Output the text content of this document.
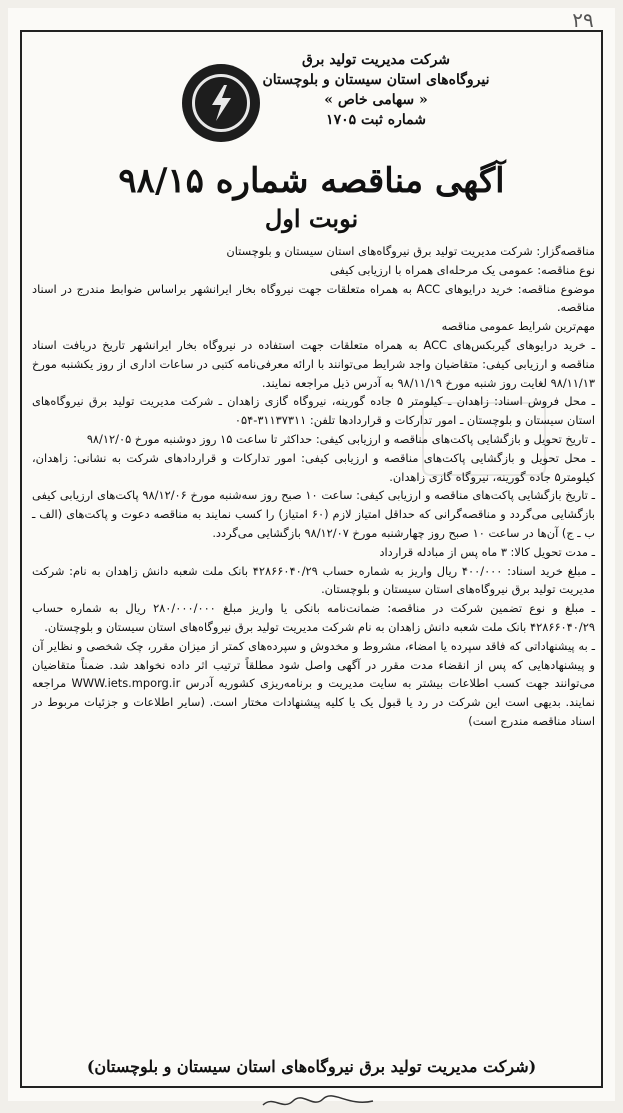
۲۹
شرکت مدیریت تولید برق
نیروگاه‌های استان سیستان و بلوچستان
« سهامی خاص »
شماره ثبت ۱۷۰۵
آگهی مناقصه شماره ۹۸/۱۵
نوبت اول

مناقصه‌گزار: شرکت مدیریت تولید برق نیروگاه‌های استان سیستان و بلوچستان

نوع مناقصه: عمومی یک مرحله‌ای همراه با ارزیابی کیفی

موضوع مناقصه: خرید درایوهای ACC به همراه متعلقات جهت نیروگاه بخار ایرانشهر براساس ضوابط مندرج در اسناد مناقصه.

مهم‌ترین شرایط عمومی مناقصه

ـ خرید درایوهای گیربکس‌های ACC به همراه متعلقات جهت استفاده در نیروگاه بخار ایرانشهر تاریخ دریافت اسناد مناقصه و ارزیابی کیفی: متقاضیان واجد شرایط می‌توانند با ارائه معرفی‌نامه کتبی در ساعات اداری از روز یکشنبه مورخ ۹۸/۱۱/۱۳ لغایت روز شنبه مورخ ۹۸/۱۱/۱۹ به آدرس ذیل مراجعه نمایند.

ـ محل فروش اسناد: زاهدان ـ کیلومتر ۵ جاده گورینه، نیروگاه گازی زاهدان ـ شرکت مدیریت تولید برق نیروگاه‌های استان سیستان و بلوچستان ـ امور تدارکات و قراردادها تلفن: ۳۱۱۳۷۳۱۱-۰۵۴

ـ تاریخ تحویل و بازگشایی پاکت‌های مناقصه و ارزیابی کیفی: حداکثر تا ساعت ۱۵ روز دوشنبه مورخ ۹۸/۱۲/۰۵

ـ محل تحویل و بازگشایی پاکت‌های مناقصه و ارزیابی کیفی: امور تدارکات و قراردادهای شرکت به نشانی: زاهدان، کیلومتر۵ جاده گورینه، نیروگاه گازی زاهدان.

ـ تاریخ بازگشایی پاکت‌های مناقصه و ارزیابی کیفی: ساعت ۱۰ صبح روز سه‌شنبه مورخ ۹۸/۱۲/۰۶ پاکت‌های ارزیابی کیفی بازگشایی می‌گردد و مناقصه‌گرانی که حداقل امتیاز لازم (۶۰ امتیاز) را کسب نمایند به مناقصه دعوت و پاکت‌های (الف ـ ب ـ ج) آن‌ها در ساعت ۱۰ صبح روز چهارشنبه مورخ ۹۸/۱۲/۰۷ بازگشایی می‌گردد.

ـ مدت تحویل کالا: ۳ ماه پس از مبادله قرارداد

ـ مبلغ خرید اسناد: ۴۰۰/۰۰۰ ریال واریز به شماره حساب ۴۲۸۶۶۰۴۰/۲۹ بانک ملت شعبه دانش زاهدان به نام: شرکت مدیریت تولید برق نیروگاه‌های استان سیستان و بلوچستان.

ـ مبلغ و نوع تضمین شرکت در مناقصه: ضمانت‌نامه بانکی یا واریز مبلغ ۲۸۰/۰۰۰/۰۰۰ ریال به شماره حساب ۴۲۸۶۶۰۴۰/۲۹ بانک ملت شعبه دانش زاهدان به نام شرکت مدیریت تولید برق نیروگاه‌های استان سیستان و بلوچستان.

ـ به پیشنهاداتی که فاقد سپرده یا امضاء، مشروط و مخدوش و سپرده‌های کمتر از میزان مقرر، چک شخصی و نظایر آن و پیشنهادهایی که پس از انقضاء مدت مقرر در آگهی واصل شود مطلقاً ترتیب اثر داده نخواهد شد. ضمناً متقاضیان می‌توانند جهت کسب اطلاعات بیشتر به سایت مدیریت و برنامه‌ریزی کشوریه آدرس WWW.iets.mporg.ir مراجعه نمایند. بدیهی است این شرکت در رد یا قبول یک یا کلیه پیشنهادات مختار است. (سایر اطلاعات و جزئیات مربوط در اسناد مناقصه مندرج است)

(شرکت مدیریت تولید برق نیروگاه‌های استان سیستان و بلوچستان)
